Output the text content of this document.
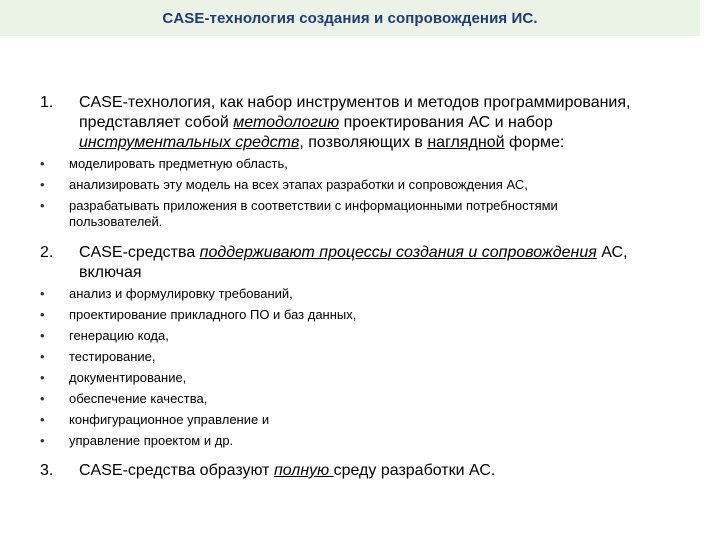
CASE-технология создания и сопровождения ИС.
1.	CASE-технология, как набор инструментов и методов программирования, представляет собой методологию проектирования АС и набор инструментальных средств, позволяющих в наглядной форме:
• моделировать предметную область,
• анализировать эту модель на всех этапах разработки и сопровождения АС,
• разрабатывать приложения в соответствии с информационными потребностями пользователей.
2.	CASE-средства поддерживают процессы создания и сопровождения АС, включая
• анализ и формулировку требований,
• проектирование прикладного ПО и баз данных,
• генерацию кода,
• тестирование,
• документирование,
• обеспечение качества,
• конфигурационное управление и
• управление проектом и др.
3.	CASE-средства образуют полную среду разработки АС.
